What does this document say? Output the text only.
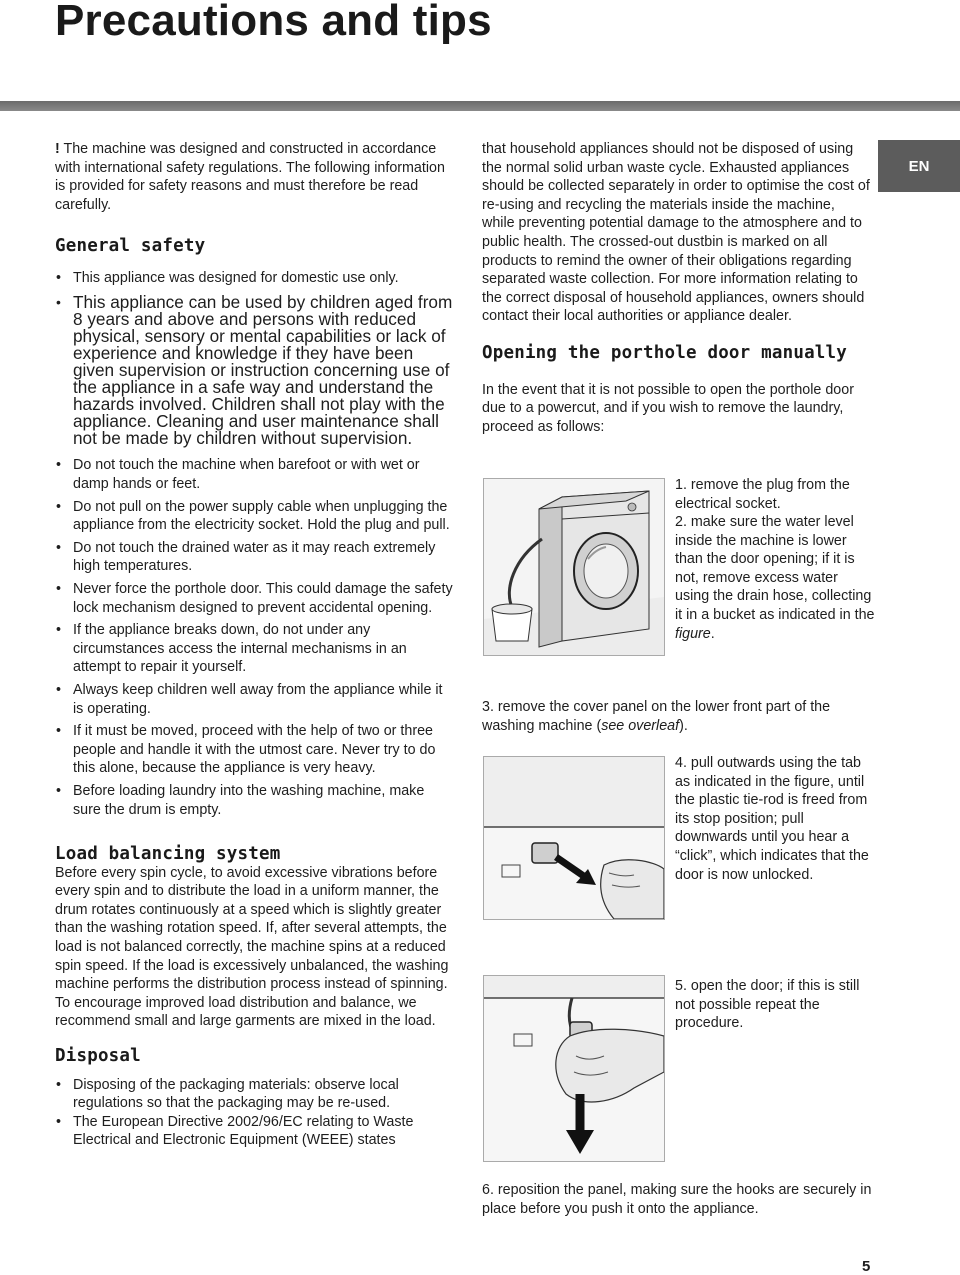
Precautions and tips

! The machine was designed and constructed in accordance with international safety regulations. The following information is provided for safety reasons and must therefore be read carefully.

General safety
• This appliance was designed for domestic use only.
• This appliance can be used by children aged from 8 years and above and persons with reduced physical, sensory or mental capabilities or lack of experience and knowledge if they have been given supervision or instruction concerning use of the appliance in a safe way and understand the hazards involved. Children shall not play with the appliance. Cleaning and user maintenance shall not be made by children without supervision.
• Do not touch the machine when barefoot or with wet or damp hands or feet.
• Do not pull on the power supply cable when unplugging the appliance from the electricity socket. Hold the plug and pull.
• Do not touch the drained water as it may reach extremely high temperatures.
• Never force the porthole door. This could damage the safety lock mechanism designed to prevent accidental opening.
• If the appliance breaks down, do not under any circumstances access the internal mechanisms in an attempt to repair it yourself.
• Always keep children well away from the appliance while it is operating.
• If it must be moved, proceed with the help of two or three people and handle it with the utmost care. Never try to do this alone, because the appliance is very heavy.
• Before loading laundry into the washing machine, make sure the drum is empty.
Load balancing system

Before every spin cycle, to avoid excessive vibrations before every spin and to distribute the load in a uniform manner, the drum rotates continuously at a speed which is slightly greater than the washing rotation speed. If, after several attempts, the load is not balanced correctly, the machine spins at a reduced spin speed. If the load is excessively unbalanced, the washing machine performs the distribution process instead of spinning. To encourage improved load distribution and balance, we recommend small and large garments are mixed in the load.

Disposal
• Disposing of the packaging materials: observe local regulations so that the packaging may be re-used.
• The European Directive 2002/96/EC relating to Waste Electrical and Electronic Equipment (WEEE) states

that household appliances should not be disposed of using the normal solid urban waste cycle. Exhausted appliances should be collected separately in order to optimise the cost of re-using and recycling the materials inside the machine, while preventing potential damage to the atmosphere and to public health. The crossed-out dustbin is marked on all products to remind the owner of their obligations regarding separated waste collection. For more information relating to the correct disposal of household appliances, owners should contact their local authorities or appliance dealer.

Opening the porthole door manually

In the event that it is not possible to open the porthole door due to a powercut, and if you wish to remove the laundry, proceed as follows:

EN

1. remove the plug from the electrical socket.

2. make sure the water level inside the machine is lower than the door opening; if it is not, remove excess water using the drain hose, collecting it in a bucket as indicated in the figure.

3. remove the cover panel on the lower front part of the washing machine (see overleaf).

4. pull outwards using the tab as indicated in the figure, until the plastic tie-rod is freed from its stop position; pull downwards until you hear a “click”, which indicates that the door is now unlocked.

5. open the door; if this is still not possible repeat the procedure.

6. reposition the panel, making sure the hooks are securely in place before you push it onto the appliance.

5
